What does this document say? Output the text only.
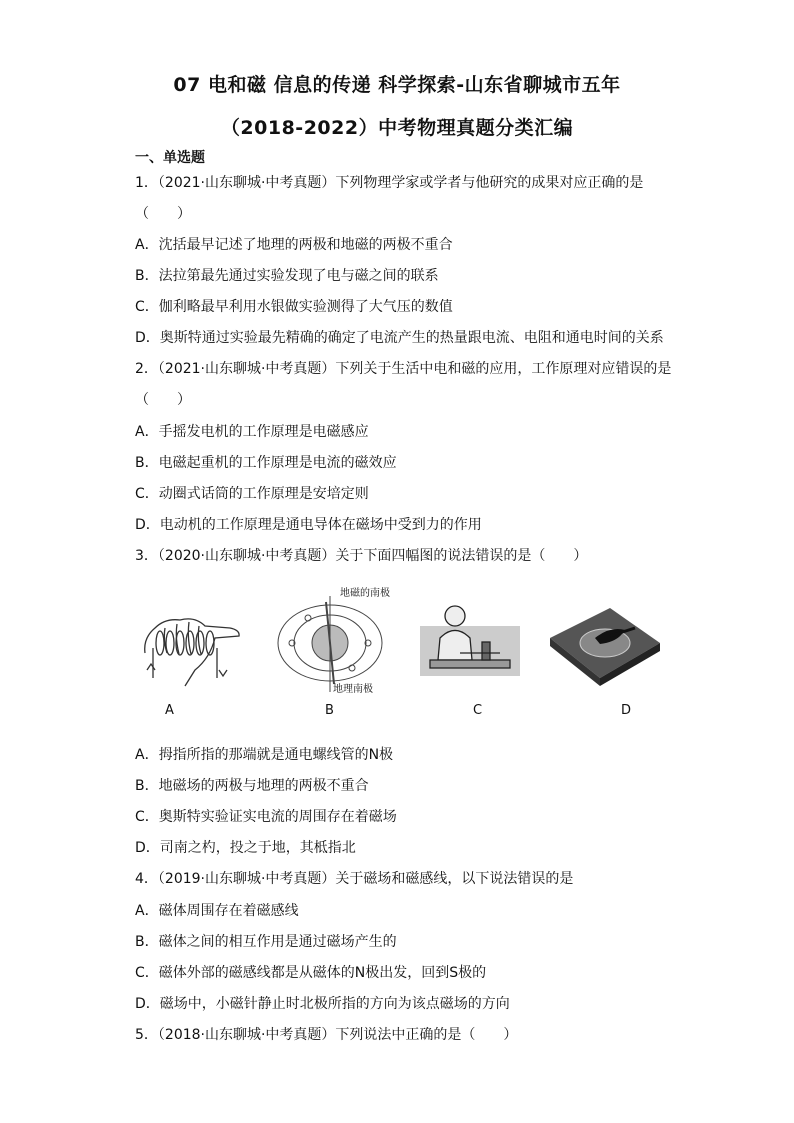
07 电和磁 信息的传递 科学探索-山东省聊城市五年
（2018-2022）中考物理真题分类汇编
一、单选题
1．（2021·山东聊城·中考真题）下列物理学家或学者与他研究的成果对应正确的是
（　　）
A．沈括最早记述了地理的两极和地磁的两极不重合
B．法拉第最先通过实验发现了电与磁之间的联系
C．伽利略最早利用水银做实验测得了大气压的数值
D．奥斯特通过实验最先精确的确定了电流产生的热量跟电流、电阻和通电时间的关系
2．（2021·山东聊城·中考真题）下列关于生活中电和磁的应用，工作原理对应错误的是
（　　）
A．手摇发电机的工作原理是电磁感应
B．电磁起重机的工作原理是电流的磁效应
C．动圈式话筒的工作原理是安培定则
D．电动机的工作原理是通电导体在磁场中受到力的作用
3．（2020·山东聊城·中考真题）关于下面四幅图的说法错误的是（　　）
地磁的南极
地理南极
A	B	C	D
A．拇指所指的那端就是通电螺线管的N极
B．地磁场的两极与地理的两极不重合
C．奥斯特实验证实电流的周围存在着磁场
D．司南之杓，投之于地，其柢指北
4．（2019·山东聊城·中考真题）关于磁场和磁感线，以下说法错误的是
A．磁体周围存在着磁感线
B．磁体之间的相互作用是通过磁场产生的
C．磁体外部的磁感线都是从磁体的N极出发，回到S极的
D．磁场中，小磁针静止时北极所指的方向为该点磁场的方向
5．（2018·山东聊城·中考真题）下列说法中正确的是（　　）
